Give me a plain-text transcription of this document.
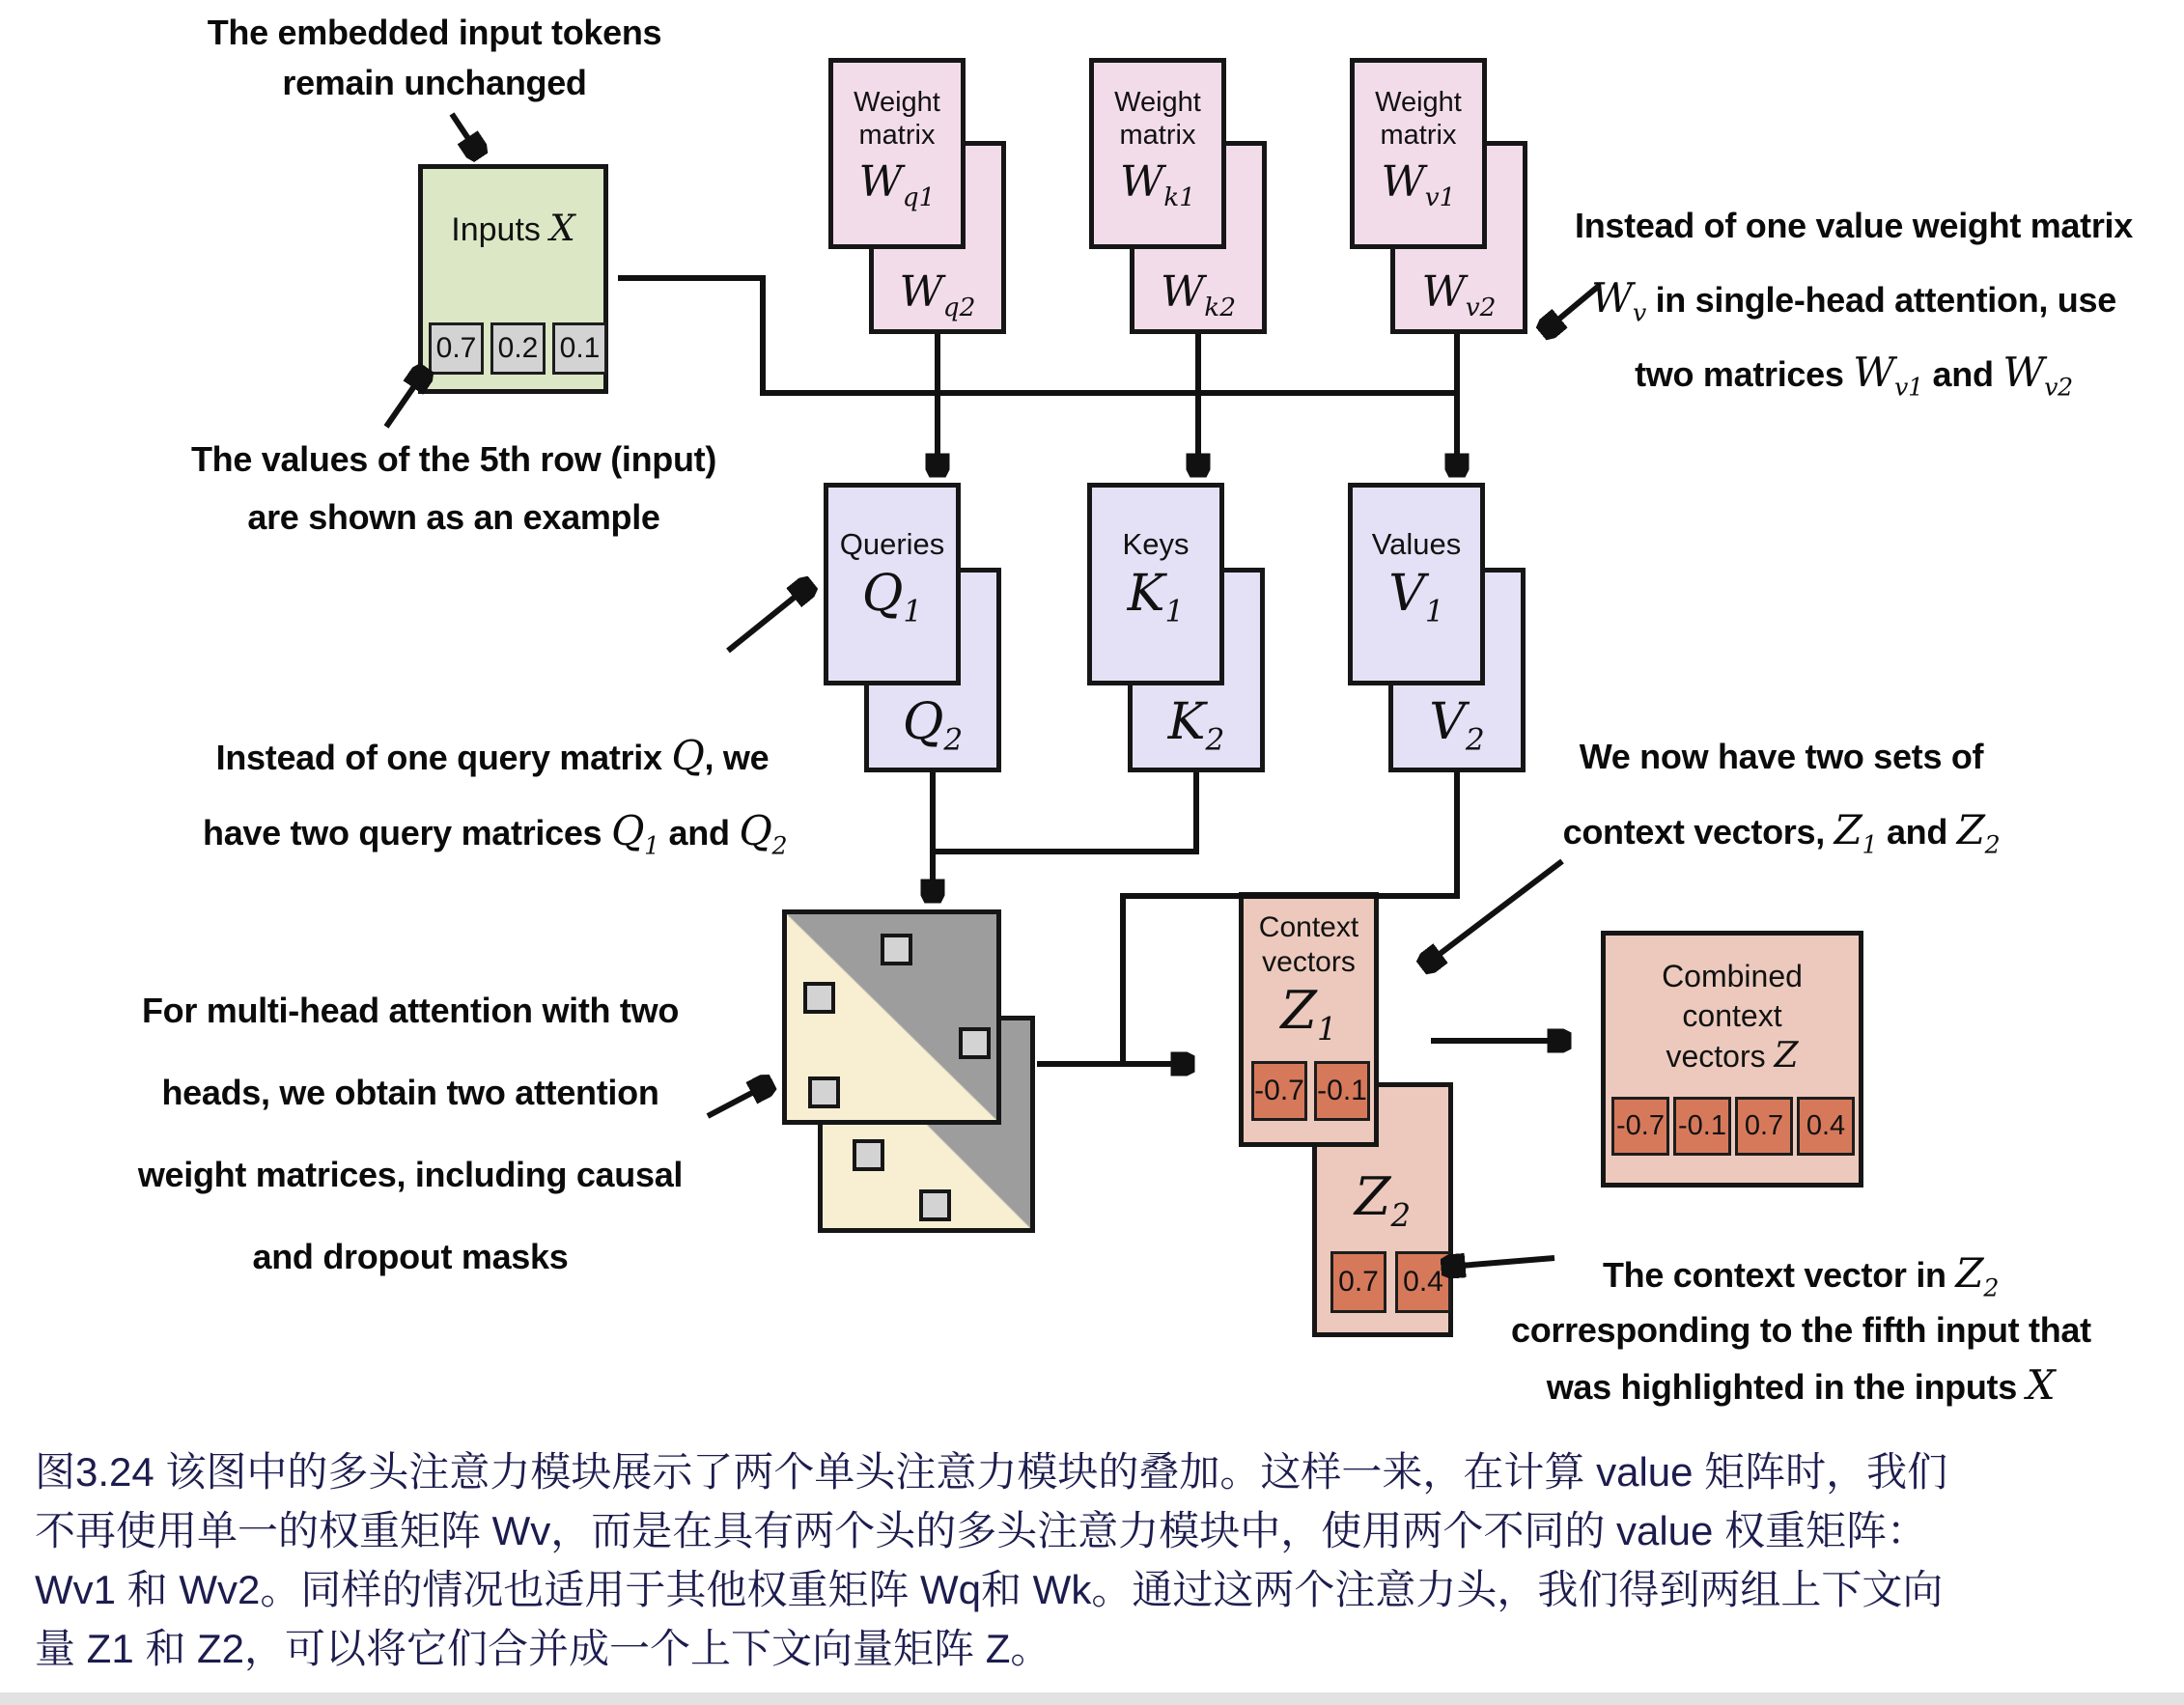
The embedded input tokens
remain unchanged
The values of the 5th row (input)
are shown as an example
Instead of one value weight matrix
$W_v$ in single-head attention, use
two matrices $W_{v1}$ and $W_{v2}$
Instead of one query matrix Q, we
have two query matrices $Q_1$ and $Q_2$
For multi-head attention with two
heads, we obtain two attention
weight matrices, including causal
and dropout masks
We now have two sets of
context vectors, $Z_1$ and $Z_2$
The context vector in $Z_2$
corresponding to the fifth input that
was highlighted in the inputs X
Inputs X
0.7 0.2 0.1
$W_{q2}$
Weight matrix
$W_{q1}$
$W_{k2}$
Weight matrix
$W_{k1}$
$W_{v2}$
Weight matrix
$W_{v1}$
$Q_2$
Queries
$Q_1$
$K_2$
Keys
$K_1$
$V_2$
Values
$V_1$
$Z_2$
0.7 0.4
Context vectors
$Z_1$
-0.7 -0.1
Combined
context
vectors Z
-0.7 -0.1 0.7 0.4
图3.24 该图中的多头注意力模块展示了两个单头注意力模块的叠加。这样一来，在计算 value 矩阵时，我们
不再使用单一的权重矩阵 Wv，而是在具有两个头的多头注意力模块中，使用两个不同的 value 权重矩阵：
Wv1 和 Wv2。同样的情况也适用于其他权重矩阵 Wq和 Wk。通过这两个注意力头，我们得到两组上下文向
量 Z1 和 Z2，可以将它们合并成一个上下文向量矩阵 Z。
